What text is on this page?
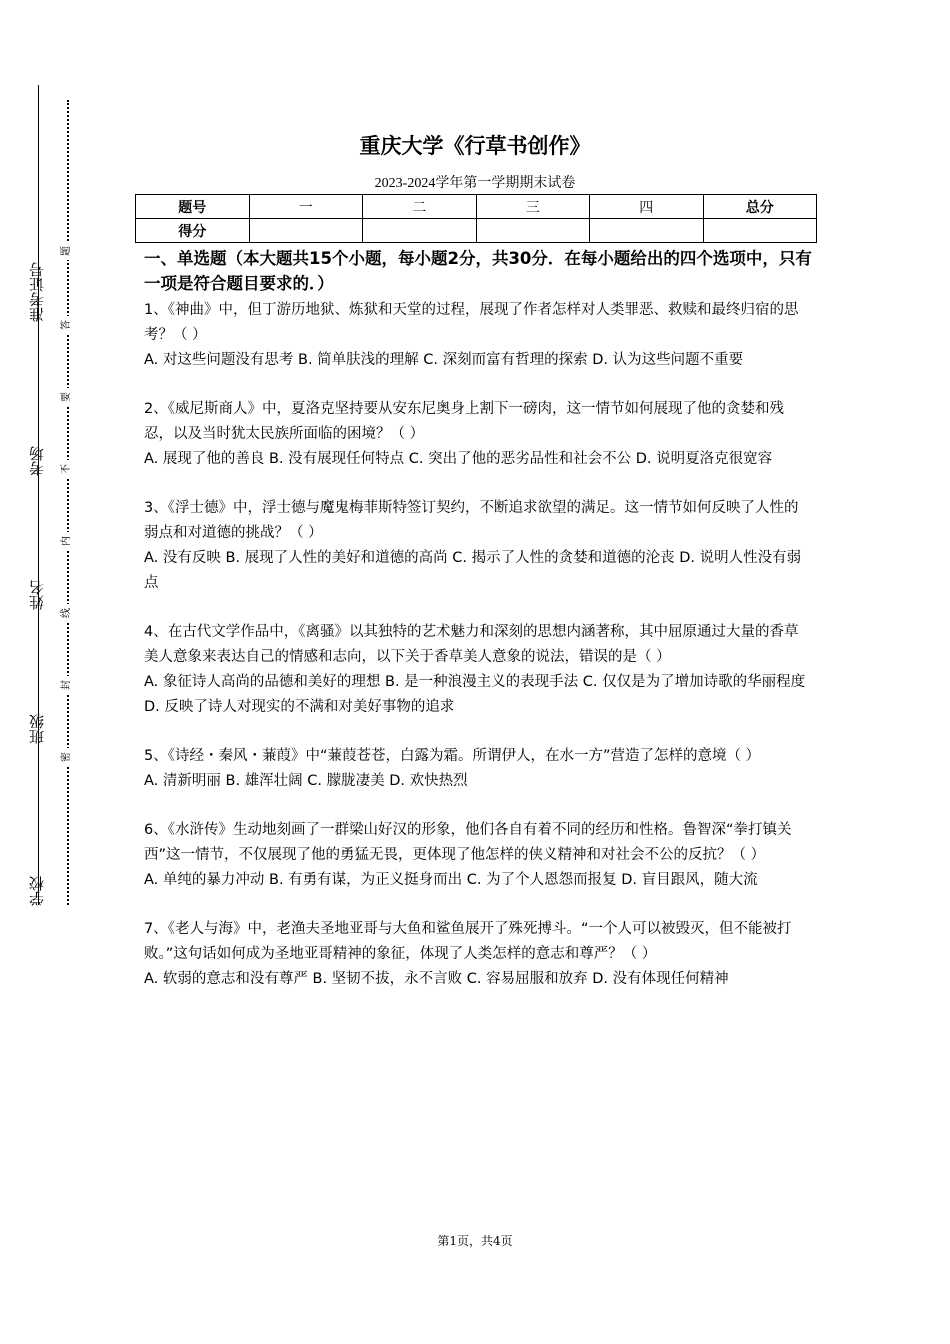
准考证号
考场
姓名
班级
学校
题
答
要
不
内
线
封
密
重庆大学《行草书创作》
2023-2024学年第一学期期末试卷
题号	一	二	三	四	总分
得分					
一、单选题（本大题共15个小题，每小题2分，共30分．在每小题给出的四个选项中，只有一项是符合题目要求的．）

1、《神曲》中，但丁游历地狱、炼狱和天堂的过程，展现了作者怎样对人类罪恶、救赎和最终归宿的思考？（ ）

A. 对这些问题没有思考 B. 简单肤浅的理解 C. 深刻而富有哲理的探索 D. 认为这些问题不重要

2、《威尼斯商人》中，夏洛克坚持要从安东尼奥身上割下一磅肉，这一情节如何展现了他的贪婪和残忍，以及当时犹太民族所面临的困境？（ ）

A. 展现了他的善良 B. 没有展现任何特点 C. 突出了他的恶劣品性和社会不公 D. 说明夏洛克很宽容

3、《浮士德》中，浮士德与魔鬼梅菲斯特签订契约，不断追求欲望的满足。这一情节如何反映了人性的弱点和对道德的挑战？（ ）

A. 没有反映 B. 展现了人性的美好和道德的高尚 C. 揭示了人性的贪婪和道德的沦丧 D. 说明人性没有弱点

4、在古代文学作品中，《离骚》以其独特的艺术魅力和深刻的思想内涵著称，其中屈原通过大量的香草美人意象来表达自己的情感和志向，以下关于香草美人意象的说法，错误的是（ ）

A. 象征诗人高尚的品德和美好的理想 B. 是一种浪漫主义的表现手法 C. 仅仅是为了增加诗歌的华丽程度 D. 反映了诗人对现实的不满和对美好事物的追求

5、《诗经・秦风・蒹葭》中“蒹葭苍苍，白露为霜。所谓伊人，在水一方”营造了怎样的意境（ ）

A. 清新明丽 B. 雄浑壮阔 C. 朦胧凄美 D. 欢快热烈

6、《水浒传》生动地刻画了一群梁山好汉的形象，他们各自有着不同的经历和性格。鲁智深“拳打镇关西”这一情节，不仅展现了他的勇猛无畏，更体现了他怎样的侠义精神和对社会不公的反抗？（ ）

A. 单纯的暴力冲动 B. 有勇有谋，为正义挺身而出 C. 为了个人恩怨而报复 D. 盲目跟风，随大流

7、《老人与海》中，老渔夫圣地亚哥与大鱼和鲨鱼展开了殊死搏斗。“一个人可以被毁灭，但不能被打败。”这句话如何成为圣地亚哥精神的象征，体现了人类怎样的意志和尊严？（ ）

A. 软弱的意志和没有尊严 B. 坚韧不拔，永不言败 C. 容易屈服和放弃 D. 没有体现任何精神

第1页，共4页
